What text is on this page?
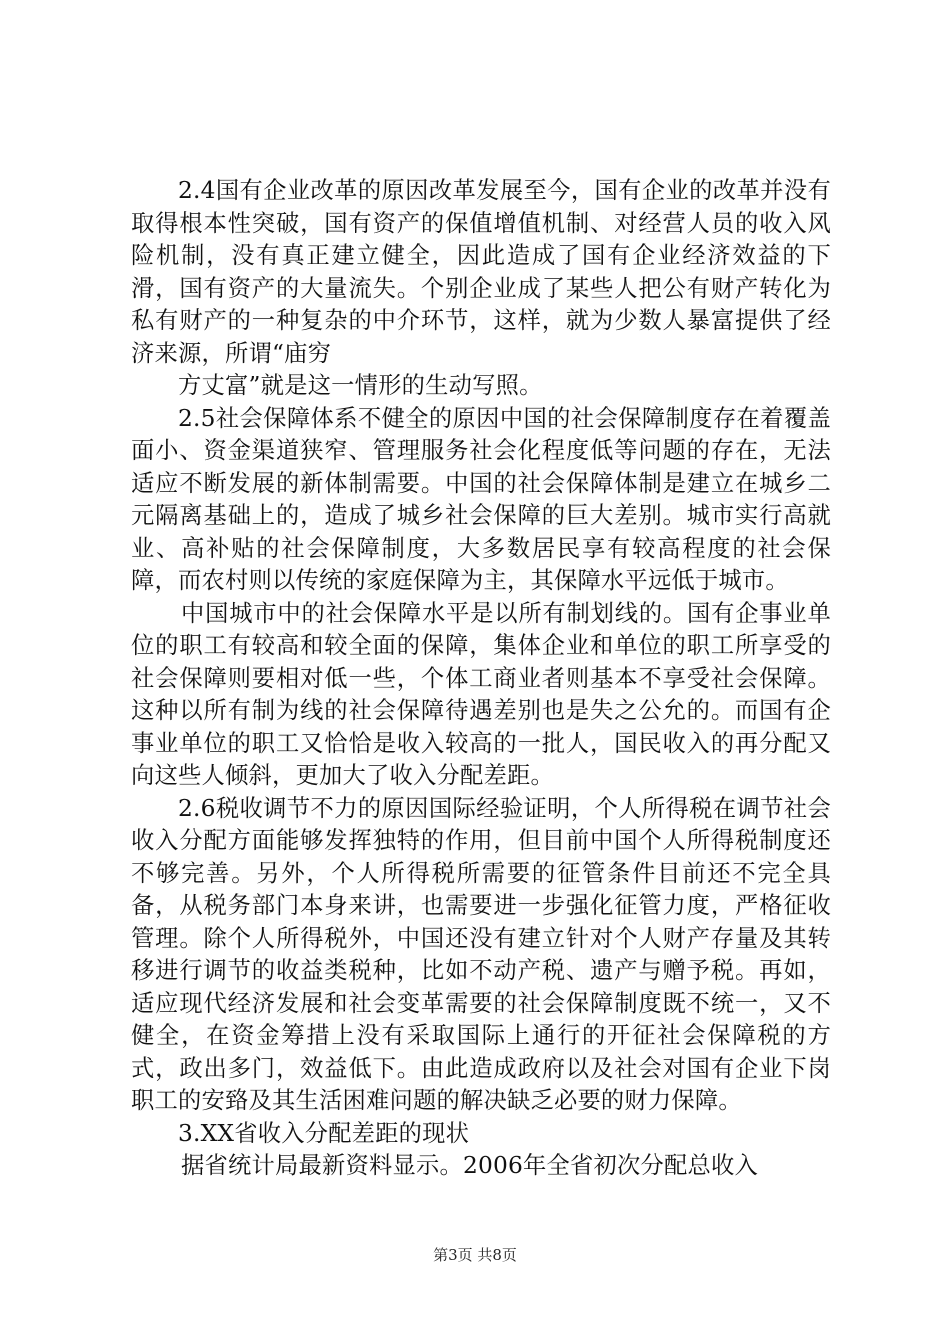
2.4国有企业改革的原因改革发展至今，国有企业的改革并没有取得根本性突破，国有资产的保值增值机制、对经营人员的收入风险机制，没有真正建立健全，因此造成了国有企业经济效益的下滑，国有资产的大量流失。个别企业成了某些人把公有财产转化为私有财产的一种复杂的中介环节，这样，就为少数人暴富提供了经济来源，所谓“庙穷

方丈富”就是这一情形的生动写照。

2.5社会保障体系不健全的原因中国的社会保障制度存在着覆盖面小、资金渠道狭窄、管理服务社会化程度低等问题的存在，无法适应不断发展的新体制需要。中国的社会保障体制是建立在城乡二元隔离基础上的，造成了城乡社会保障的巨大差别。城市实行高就业、高补贴的社会保障制度，大多数居民享有较高程度的社会保障，而农村则以传统的家庭保障为主，其保障水平远低于城市。

中国城市中的社会保障水平是以所有制划线的。国有企事业单位的职工有较高和较全面的保障，集体企业和单位的职工所享受的社会保障则要相对低一些，个体工商业者则基本不享受社会保障。这种以所有制为线的社会保障待遇差别也是失之公允的。而国有企事业单位的职工又恰恰是收入较高的一批人，国民收入的再分配又向这些人倾斜，更加大了收入分配差距。

2.6税收调节不力的原因国际经验证明，个人所得税在调节社会收入分配方面能够发挥独特的作用，但目前中国个人所得税制度还不够完善。另外，个人所得税所需要的征管条件目前还不完全具备，从税务部门本身来讲，也需要进一步强化征管力度，严格征收管理。除个人所得税外，中国还没有建立针对个人财产存量及其转移进行调节的收益类税种，比如不动产税、遗产与赠予税。再如，适应现代经济发展和社会变革需要的社会保障制度既不统一，又不健全，在资金筹措上没有采取国际上通行的开征社会保障税的方式，政出多门，效益低下。由此造成政府以及社会对国有企业下岗职工的安臵及其生活困难问题的解决缺乏必要的财力保障。

3.XX省收入分配差距的现状

据省统计局最新资料显示。2006年全省初次分配总收入

第3页 共8页
